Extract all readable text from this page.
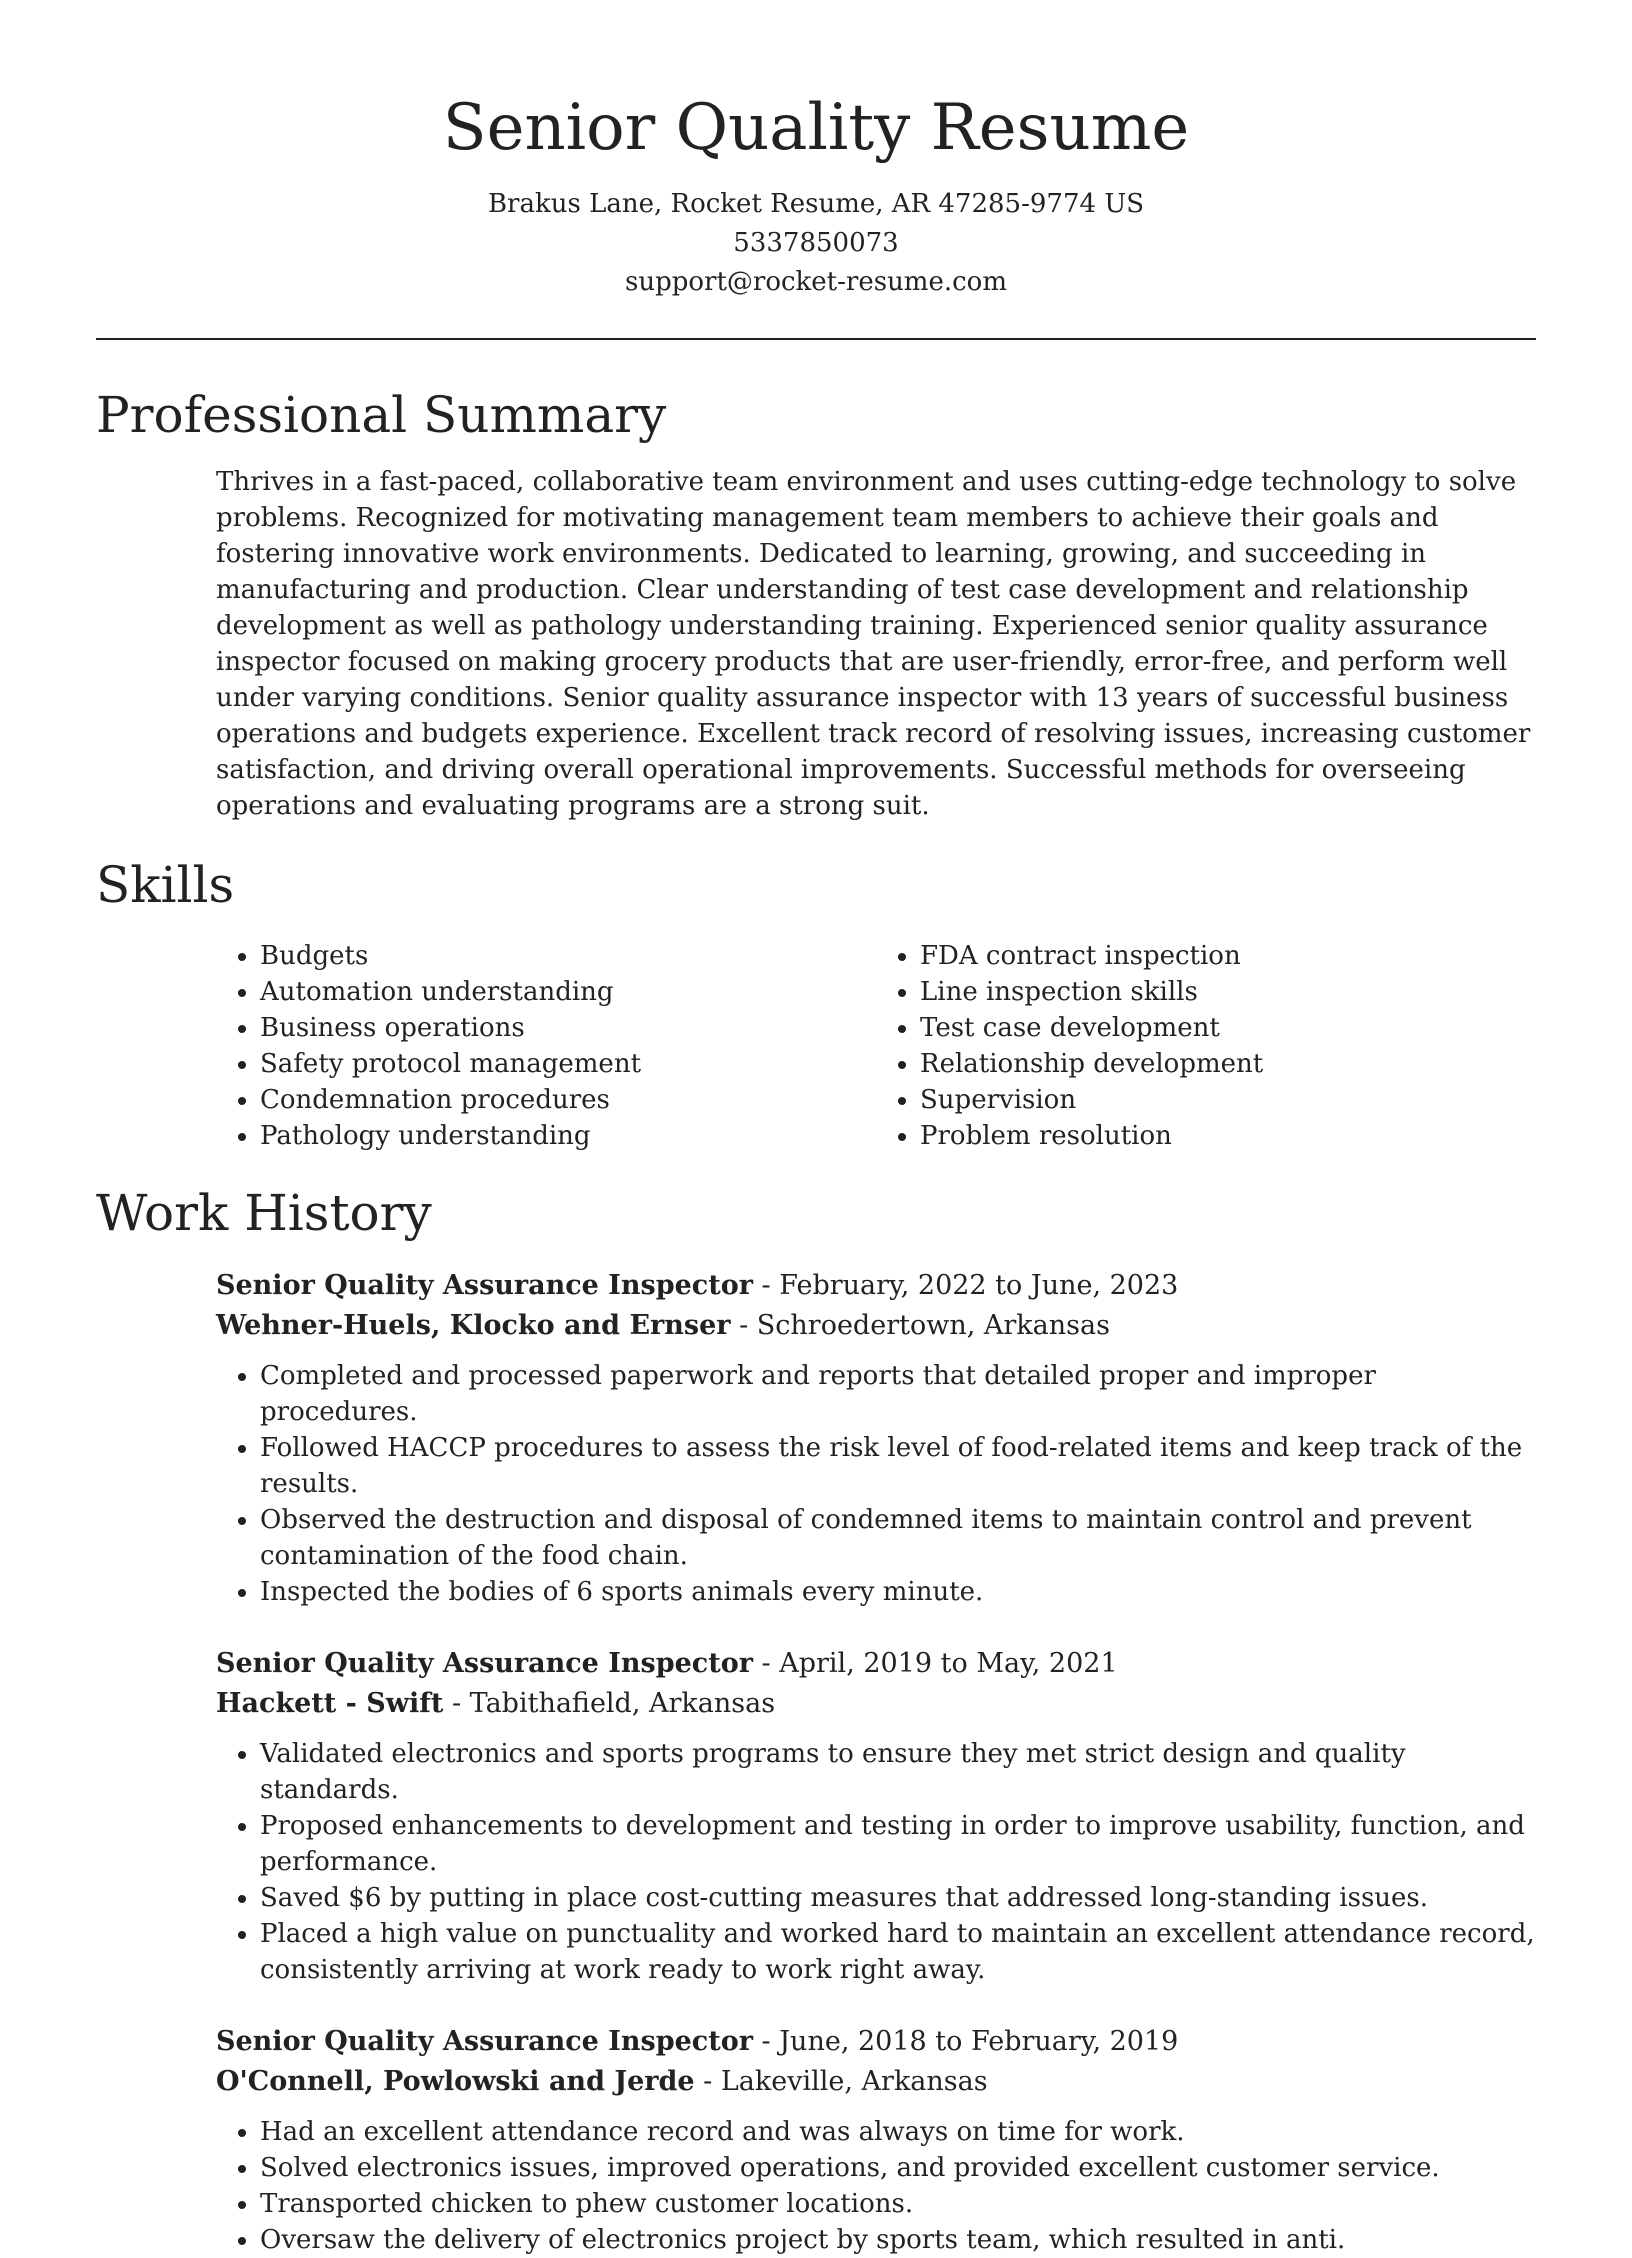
Senior Quality Resume

Brakus Lane, Rocket Resume, AR 47285-9774 US

5337850073

support@rocket-resume.com

Professional Summary

Thrives in a fast-paced, collaborative team environment and uses cutting-edge technology to solve problems. Recognized for motivating management team members to achieve their goals and fostering innovative work environments. Dedicated to learning, growing, and succeeding in manufacturing and production. Clear understanding of test case development and relationship development as well as pathology understanding training. Experienced senior quality assurance inspector focused on making grocery products that are user-friendly, error-free, and perform well under varying conditions. Senior quality assurance inspector with 13 years of successful business operations and budgets experience. Excellent track record of resolving issues, increasing customer satisfaction, and driving overall operational improvements. Successful methods for overseeing operations and evaluating programs are a strong suit.

Skills
• Budgets
• Automation understanding
• Business operations
• Safety protocol management
• Condemnation procedures
• Pathology understanding
• FDA contract inspection
• Line inspection skills
• Test case development
• Relationship development
• Supervision
• Problem resolution
Work History

Senior Quality Assurance Inspector - February, 2022 to June, 2023

Wehner-Huels, Klocko and Ernser - Schroedertown, Arkansas

• Completed and processed paperwork and reports that detailed proper and improper procedures.
• Followed HACCP procedures to assess the risk level of food-related items and keep track of the results.
• Observed the destruction and disposal of condemned items to maintain control and prevent contamination of the food chain.
• Inspected the bodies of 6 sports animals every minute.

Senior Quality Assurance Inspector - April, 2019 to May, 2021

Hackett - Swift - Tabithafield, Arkansas

• Validated electronics and sports programs to ensure they met strict design and quality standards.
• Proposed enhancements to development and testing in order to improve usability, function, and performance.
• Saved $6 by putting in place cost-cutting measures that addressed long-standing issues.
• Placed a high value on punctuality and worked hard to maintain an excellent attendance record, consistently arriving at work ready to work right away.

Senior Quality Assurance Inspector - June, 2018 to February, 2019

O'Connell, Powlowski and Jerde - Lakeville, Arkansas

• Had an excellent attendance record and was always on time for work.
• Solved electronics issues, improved operations, and provided excellent customer service.
• Transported chicken to phew customer locations.
• Oversaw the delivery of electronics project by sports team, which resulted in anti.
